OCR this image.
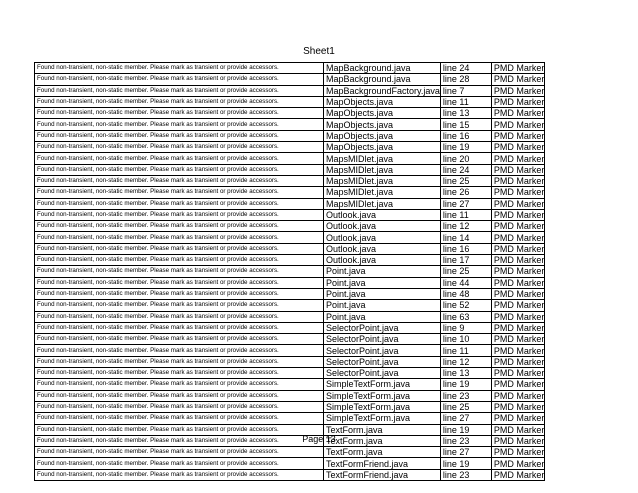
Sheet1
Found non-transient, non-static member. Please mark as transient or provide accessors.	MapBackground.java	line 24	PMD Marker
Found non-transient, non-static member. Please mark as transient or provide accessors.	MapBackground.java	line 28	PMD Marker
Found non-transient, non-static member. Please mark as transient or provide accessors.	MapBackgroundFactory.java	line 7	PMD Marker
Found non-transient, non-static member. Please mark as transient or provide accessors.	MapObjects.java	line 11	PMD Marker
Found non-transient, non-static member. Please mark as transient or provide accessors.	MapObjects.java	line 13	PMD Marker
Found non-transient, non-static member. Please mark as transient or provide accessors.	MapObjects.java	line 15	PMD Marker
Found non-transient, non-static member. Please mark as transient or provide accessors.	MapObjects.java	line 16	PMD Marker
Found non-transient, non-static member. Please mark as transient or provide accessors.	MapObjects.java	line 19	PMD Marker
Found non-transient, non-static member. Please mark as transient or provide accessors.	MapsMIDlet.java	line 20	PMD Marker
Found non-transient, non-static member. Please mark as transient or provide accessors.	MapsMIDlet.java	line 24	PMD Marker
Found non-transient, non-static member. Please mark as transient or provide accessors.	MapsMIDlet.java	line 25	PMD Marker
Found non-transient, non-static member. Please mark as transient or provide accessors.	MapsMIDlet.java	line 26	PMD Marker
Found non-transient, non-static member. Please mark as transient or provide accessors.	MapsMIDlet.java	line 27	PMD Marker
Found non-transient, non-static member. Please mark as transient or provide accessors.	Outlook.java	line 11	PMD Marker
Found non-transient, non-static member. Please mark as transient or provide accessors.	Outlook.java	line 12	PMD Marker
Found non-transient, non-static member. Please mark as transient or provide accessors.	Outlook.java	line 14	PMD Marker
Found non-transient, non-static member. Please mark as transient or provide accessors.	Outlook.java	line 16	PMD Marker
Found non-transient, non-static member. Please mark as transient or provide accessors.	Outlook.java	line 17	PMD Marker
Found non-transient, non-static member. Please mark as transient or provide accessors.	Point.java	line 25	PMD Marker
Found non-transient, non-static member. Please mark as transient or provide accessors.	Point.java	line 44	PMD Marker
Found non-transient, non-static member. Please mark as transient or provide accessors.	Point.java	line 48	PMD Marker
Found non-transient, non-static member. Please mark as transient or provide accessors.	Point.java	line 52	PMD Marker
Found non-transient, non-static member. Please mark as transient or provide accessors.	Point.java	line 63	PMD Marker
Found non-transient, non-static member. Please mark as transient or provide accessors.	SelectorPoint.java	line 9	PMD Marker
Found non-transient, non-static member. Please mark as transient or provide accessors.	SelectorPoint.java	line 10	PMD Marker
Found non-transient, non-static member. Please mark as transient or provide accessors.	SelectorPoint.java	line 11	PMD Marker
Found non-transient, non-static member. Please mark as transient or provide accessors.	SelectorPoint.java	line 12	PMD Marker
Found non-transient, non-static member. Please mark as transient or provide accessors.	SelectorPoint.java	line 13	PMD Marker
Found non-transient, non-static member. Please mark as transient or provide accessors.	SimpleTextForm.java	line 19	PMD Marker
Found non-transient, non-static member. Please mark as transient or provide accessors.	SimpleTextForm.java	line 23	PMD Marker
Found non-transient, non-static member. Please mark as transient or provide accessors.	SimpleTextForm.java	line 25	PMD Marker
Found non-transient, non-static member. Please mark as transient or provide accessors.	SimpleTextForm.java	line 27	PMD Marker
Found non-transient, non-static member. Please mark as transient or provide accessors.	TextForm.java	line 19	PMD Marker
Found non-transient, non-static member. Please mark as transient or provide accessors.	TextForm.java	line 23	PMD Marker
Found non-transient, non-static member. Please mark as transient or provide accessors.	TextForm.java	line 27	PMD Marker
Found non-transient, non-static member. Please mark as transient or provide accessors.	TextFormFriend.java	line 19	PMD Marker
Found non-transient, non-static member. Please mark as transient or provide accessors.	TextFormFriend.java	line 23	PMD Marker
Page 13
